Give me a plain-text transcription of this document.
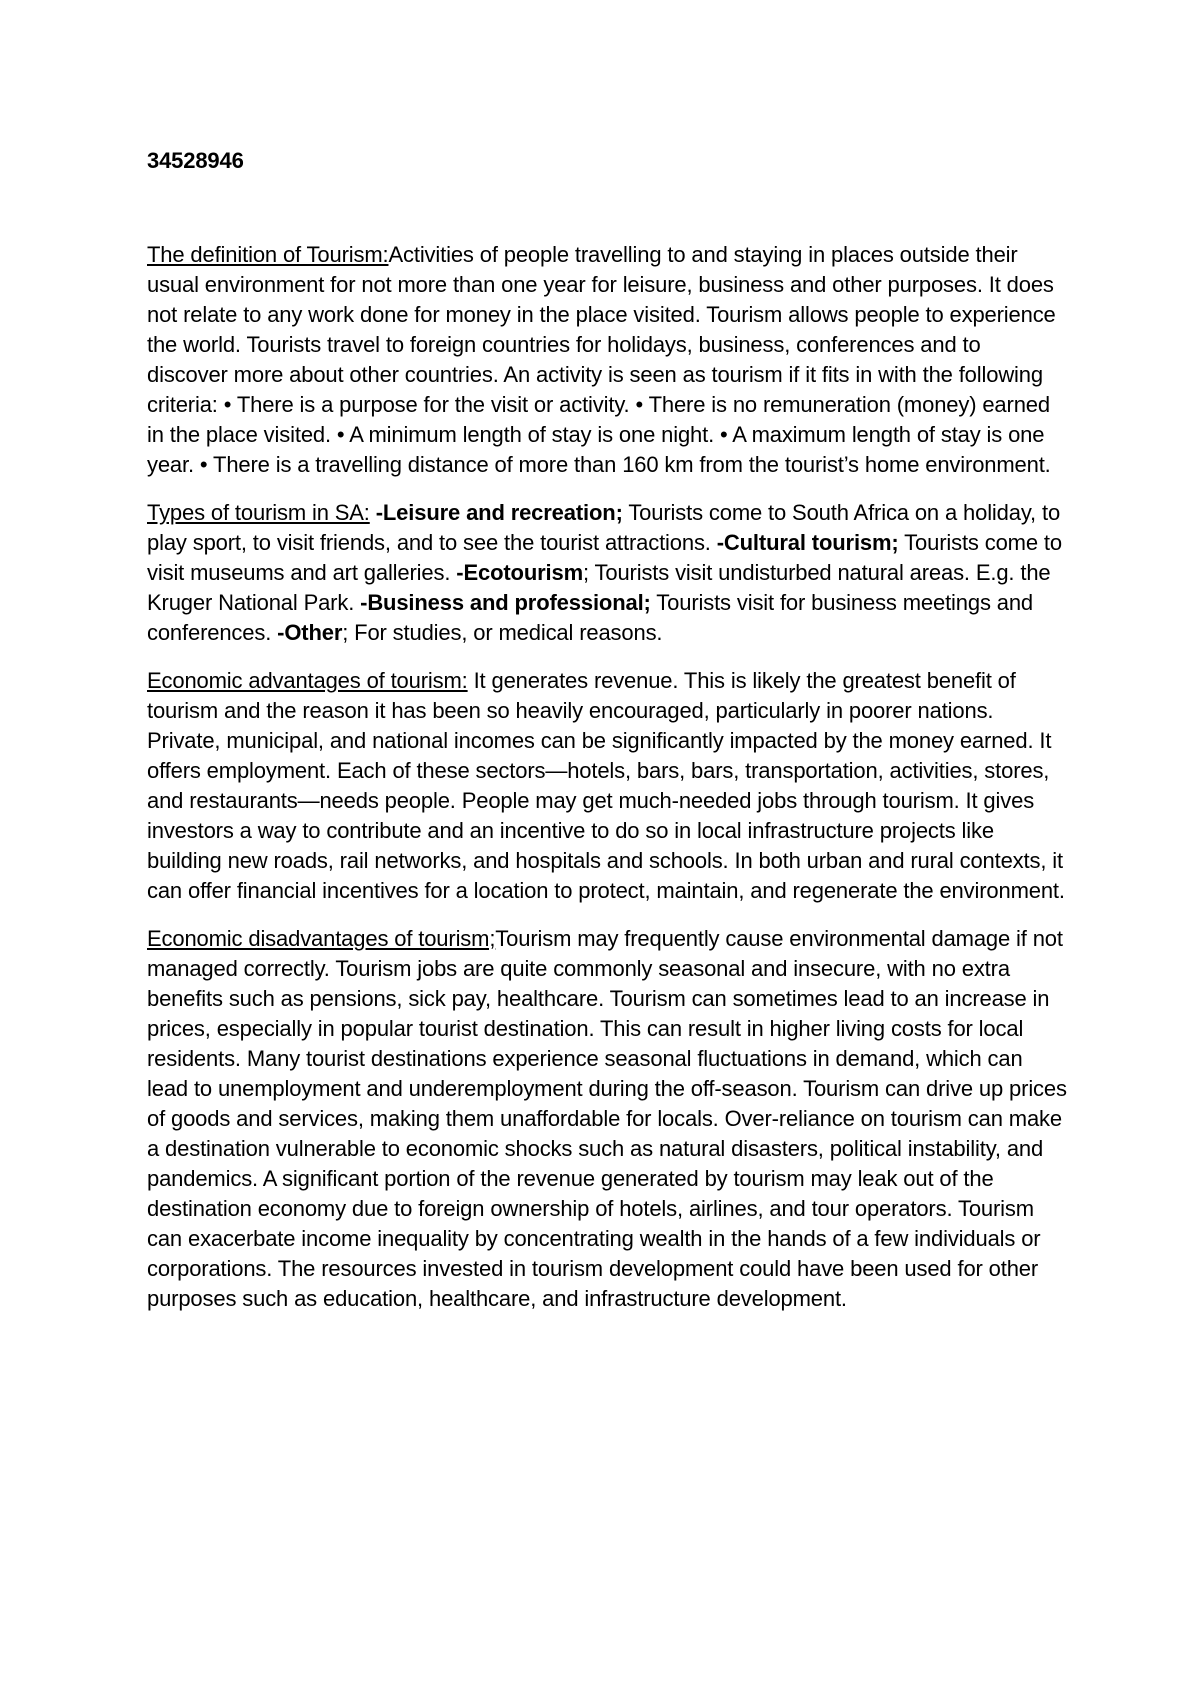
34528946

The definition of Tourism:Activities of people travelling to and staying in places outside their usual environment for not more than one year for leisure, business and other purposes. It does not relate to any work done for money in the place visited. Tourism allows people to experience the world. Tourists travel to foreign countries for holidays, business, conferences and to discover more about other countries. An activity is seen as tourism if it fits in with the following criteria: • There is a purpose for the visit or activity. • There is no remuneration (money) earned in the place visited. • A minimum length of stay is one night. • A maximum length of stay is one year. • There is a travelling distance of more than 160 km from the tourist’s home environment.

Types of tourism in SA: -Leisure and recreation; Tourists come to South Africa on a holiday, to play sport, to visit friends, and to see the tourist attractions. -Cultural tourism; Tourists come to visit museums and art galleries. -Ecotourism; Tourists visit undisturbed natural areas. E.g. the Kruger National Park. -Business and professional; Tourists visit for business meetings and conferences. -Other; For studies, or medical reasons.

Economic advantages of tourism: It generates revenue. This is likely the greatest benefit of tourism and the reason it has been so heavily encouraged, particularly in poorer nations. Private, municipal, and national incomes can be significantly impacted by the money earned. It offers employment. Each of these sectors—hotels, bars, bars, transportation, activities, stores, and restaurants—needs people. People may get much-needed jobs through tourism. It gives investors a way to contribute and an incentive to do so in local infrastructure projects like building new roads, rail networks, and hospitals and schools. In both urban and rural contexts, it can offer financial incentives for a location to protect, maintain, and regenerate the environment.

Economic disadvantages of tourism;Tourism may frequently cause environmental damage if not managed correctly. Tourism jobs are quite commonly seasonal and insecure, with no extra benefits such as pensions, sick pay, healthcare. Tourism can sometimes lead to an increase in prices, especially in popular tourist destination. This can result in higher living costs for local residents. Many tourist destinations experience seasonal fluctuations in demand, which can lead to unemployment and underemployment during the off-season. Tourism can drive up prices of goods and services, making them unaffordable for locals. Over-reliance on tourism can make a destination vulnerable to economic shocks such as natural disasters, political instability, and pandemics. A significant portion of the revenue generated by tourism may leak out of the destination economy due to foreign ownership of hotels, airlines, and tour operators. Tourism can exacerbate income inequality by concentrating wealth in the hands of a few individuals or corporations. The resources invested in tourism development could have been used for other purposes such as education, healthcare, and infrastructure development.
